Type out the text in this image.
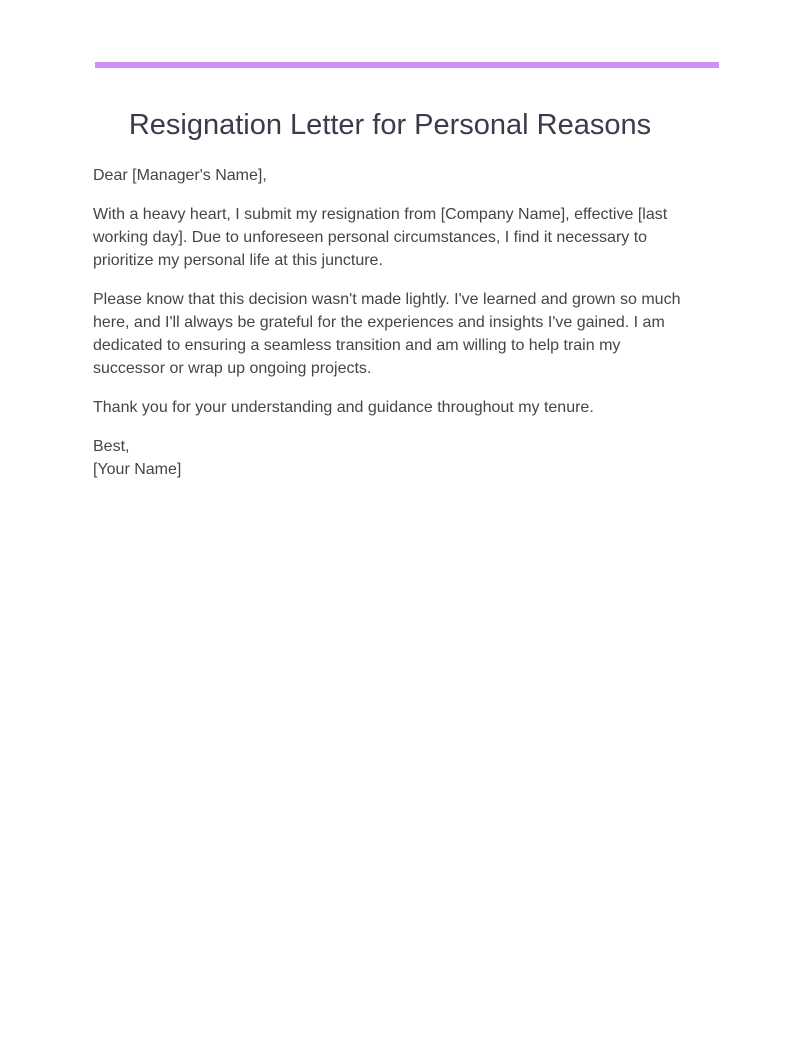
Resignation Letter for Personal Reasons

Dear [Manager's Name],

With a heavy heart, I submit my resignation from [Company Name], effective [last working day]. Due to unforeseen personal circumstances, I find it necessary to prioritize my personal life at this juncture.

Please know that this decision wasn't made lightly. I've learned and grown so much here, and I'll always be grateful for the experiences and insights I've gained. I am dedicated to ensuring a seamless transition and am willing to help train my successor or wrap up ongoing projects.

Thank you for your understanding and guidance throughout my tenure.

Best,

[Your Name]
